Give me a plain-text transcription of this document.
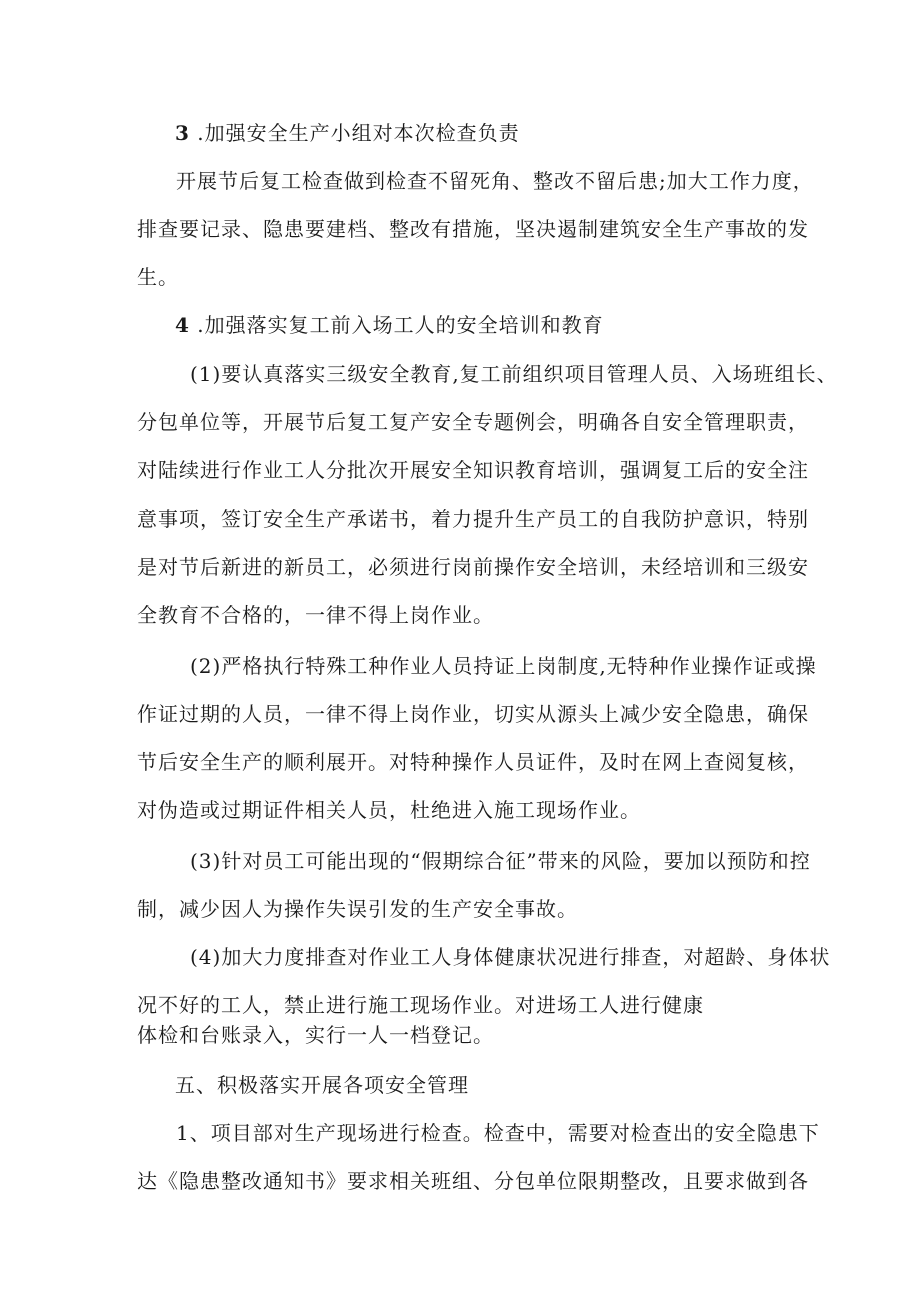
3 .加强安全生产小组对本次检查负责
开展节后复工检查做到检查不留死角、整改不留后患;加大工作力度，
排查要记录、隐患要建档、整改有措施，坚决遏制建筑安全生产事故的发
生。
4 .加强落实复工前入场工人的安全培训和教育
(1)要认真落实三级安全教育,复工前组织项目管理人员、入场班组长、
分包单位等，开展节后复工复产安全专题例会，明确各自安全管理职责，
对陆续进行作业工人分批次开展安全知识教育培训，强调复工后的安全注
意事项，签订安全生产承诺书，着力提升生产员工的自我防护意识，特别
是对节后新进的新员工，必须进行岗前操作安全培训，未经培训和三级安
全教育不合格的，一律不得上岗作业。
(2)严格执行特殊工种作业人员持证上岗制度,无特种作业操作证或操
作证过期的人员，一律不得上岗作业，切实从源头上减少安全隐患，确保
节后安全生产的顺利展开。对特种操作人员证件，及时在网上查阅复核，
对伪造或过期证件相关人员，杜绝进入施工现场作业。
(3)针对员工可能出现的“假期综合征”带来的风险，要加以预防和控
制，减少因人为操作失误引发的生产安全事故。
(4)加大力度排查对作业工人身体健康状况进行排查，对超龄、身体状
况不好的工人，禁止进行施工现场作业。对进场工人进行健康
体检和台账录入，实行一人一档登记。
五、积极落实开展各项安全管理
1、项目部对生产现场进行检查。检查中，需要对检查出的安全隐患下
达《隐患整改通知书》要求相关班组、分包单位限期整改，且要求做到各
